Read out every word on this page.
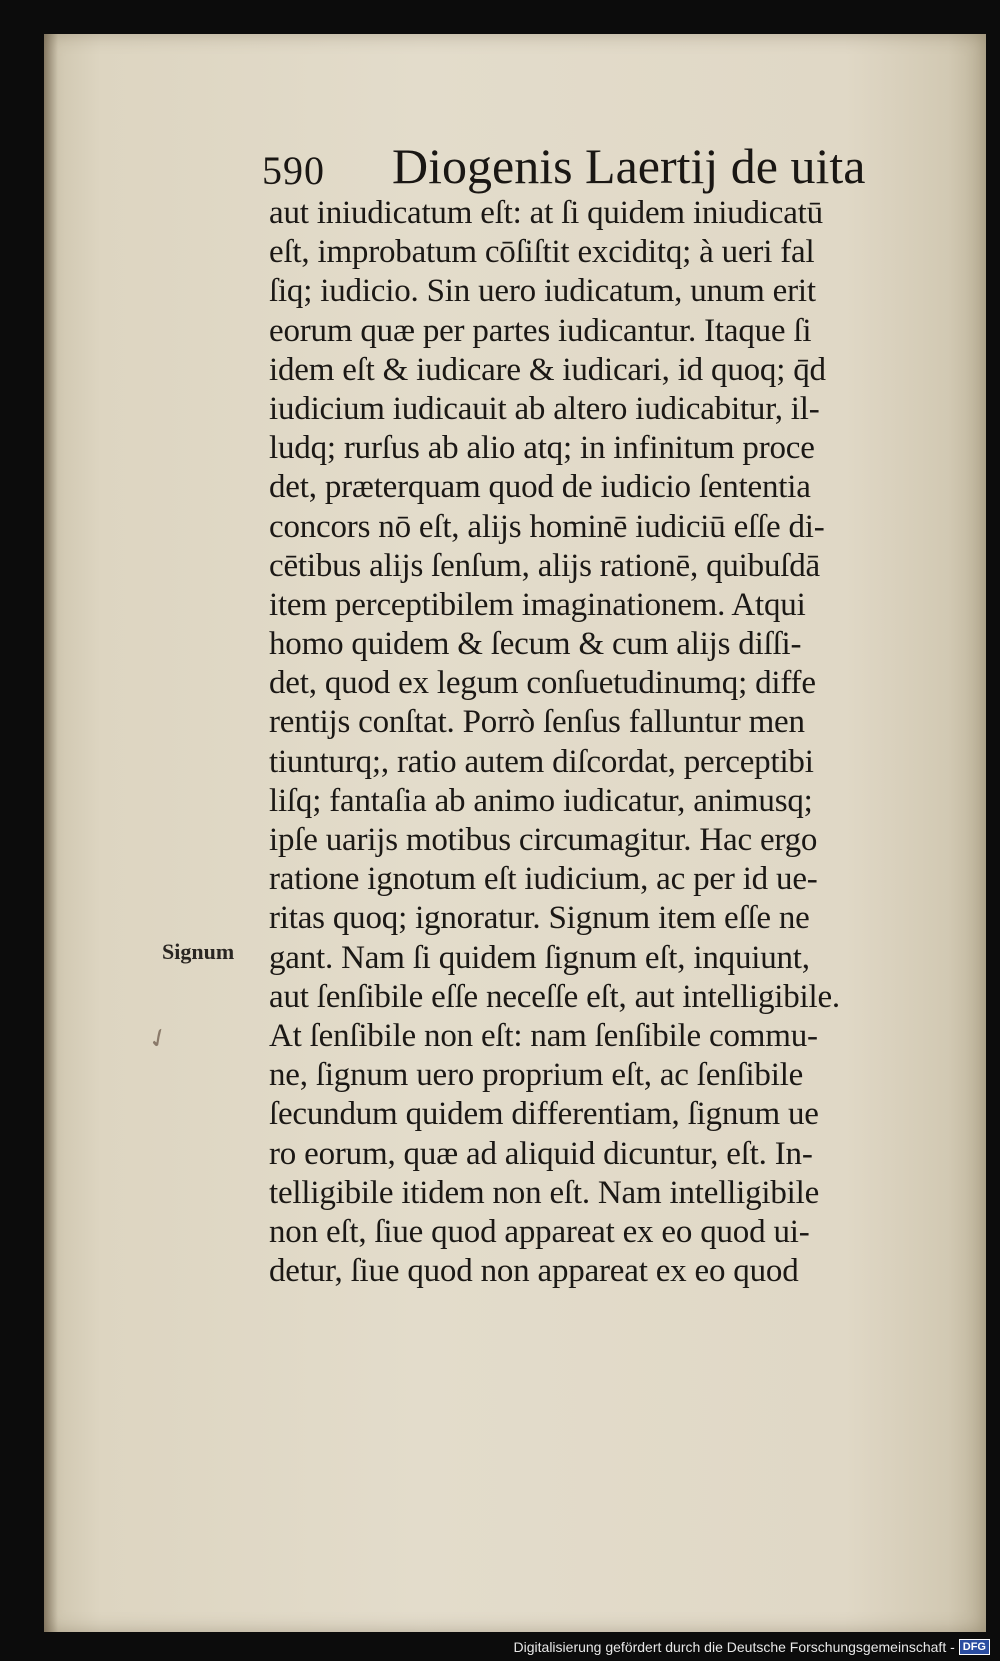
590 Diogenis Laertij de uita
aut iniudicatum eſt: at ſi quidem iniudicatū
eſt, improbatum cōſiſtit exciditq; à ueri fal
ſiq; iudicio. Sin uero iudicatum, unum erit
eorum quæ per partes iudicantur. Itaque ſi
idem eſt & iudicare & iudicari, id quoq; q̄d
iudicium iudicauit ab altero iudicabitur, il-
ludq; rurſus ab alio atq; in infinitum proce
det, præterquam quod de iudicio ſententia
concors nō eſt, alijs hominē iudiciū eſſe di-
cētibus alijs ſenſum, alijs rationē, quibuſdā
item perceptibilem imaginationem. Atqui
homo quidem & ſecum & cum alijs diſſi-
det, quod ex legum conſuetudinumq; diffe
rentijs conſtat. Porrò ſenſus falluntur men
tiunturq;, ratio autem diſcordat, perceptibi
liſq; fantaſia ab animo iudicatur, animusq;
ipſe uarijs motibus circumagitur. Hac ergo
ratione ignotum eſt iudicium, ac per id ue-
ritas quoq; ignoratur. Signum item eſſe ne
gant. Nam ſi quidem ſignum eſt, inquiunt,
aut ſenſibile eſſe neceſſe eſt, aut intelligibile.
At ſenſibile non eſt: nam ſenſibile commu-
ne, ſignum uero proprium eſt, ac ſenſibile
ſecundum quidem differentiam, ſignum ue
ro eorum, quæ ad aliquid dicuntur, eſt. In-
telligibile itidem non eſt. Nam intelligibile
non eſt, ſiue quod appareat ex eo quod ui-
detur, ſiue quod non appareat ex eo quod
Signum
✓
Digitalisierung gefördert durch die Deutsche Forschungsgemeinschaft - DFG
